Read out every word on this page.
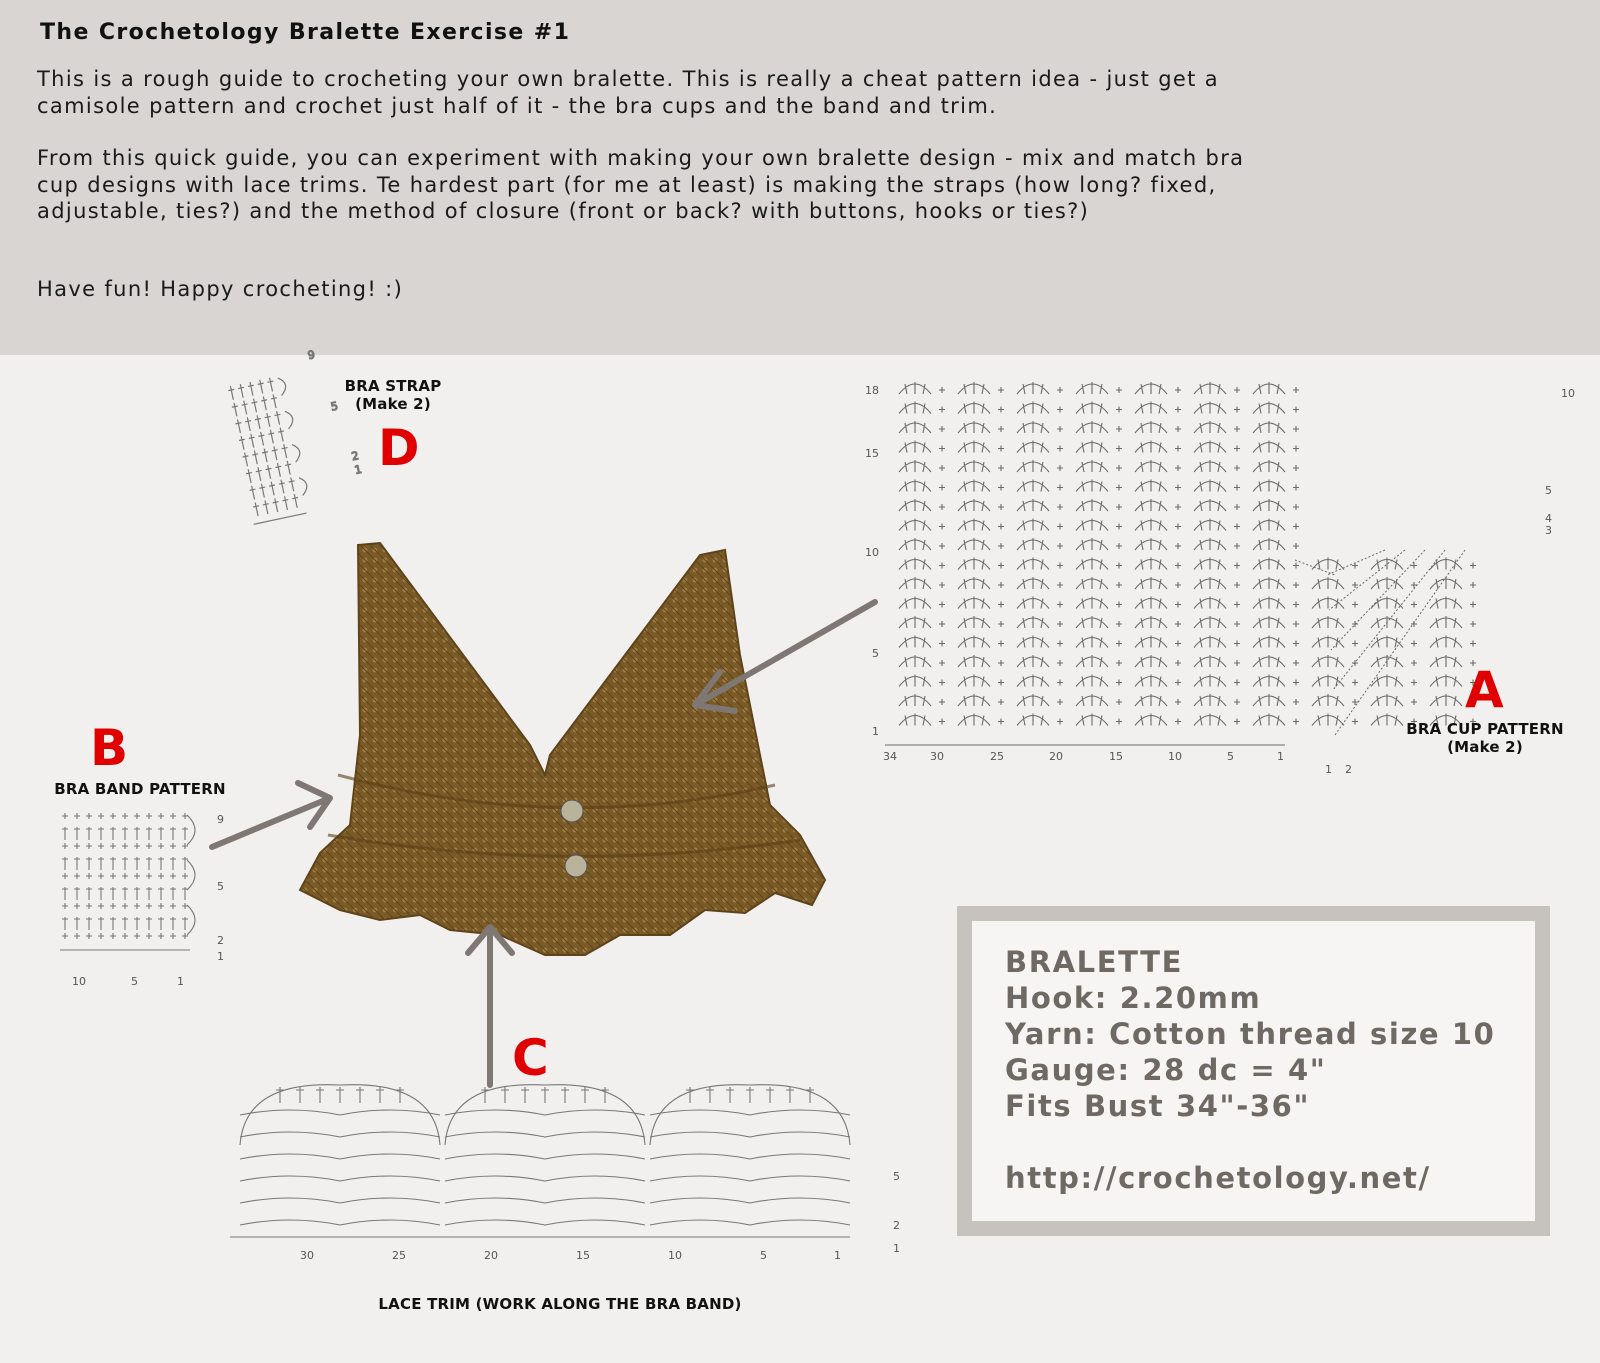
The Crochetology Bralette Exercise #1

This is a rough guide to crocheting your own bralette. This is really a cheat pattern idea - just get a camisole pattern and crochet just half of it - the bra cups and the band and trim.

From this quick guide, you can experiment with making your own bralette design - mix and match bra cup designs with lace trims. Te hardest part (for me at least) is making the straps (how long? fixed, adjustable, ties?) and the method of closure (front or back? with buttons, hooks or ties?)

Have fun! Happy crocheting! :)

BRA STRAP
(Make 2)
D
9
5
2
1
18
15
10
5
1
10
5
4
3
34	30	25	20	15	10	5	1
1 2
A
BRA CUP PATTERN
(Make 2)
B
BRA BAND PATTERN
9
5
2
1
10	5	1
C
5
2
1
30	25	20	15	10	5	1
LACE TRIM (WORK ALONG THE BRA BAND)
BRALETTE
Hook: 2.20mm
Yarn: Cotton thread size 10
Gauge: 28 dc = 4"
Fits Bust 34"-36"
http://crochetology.net/
